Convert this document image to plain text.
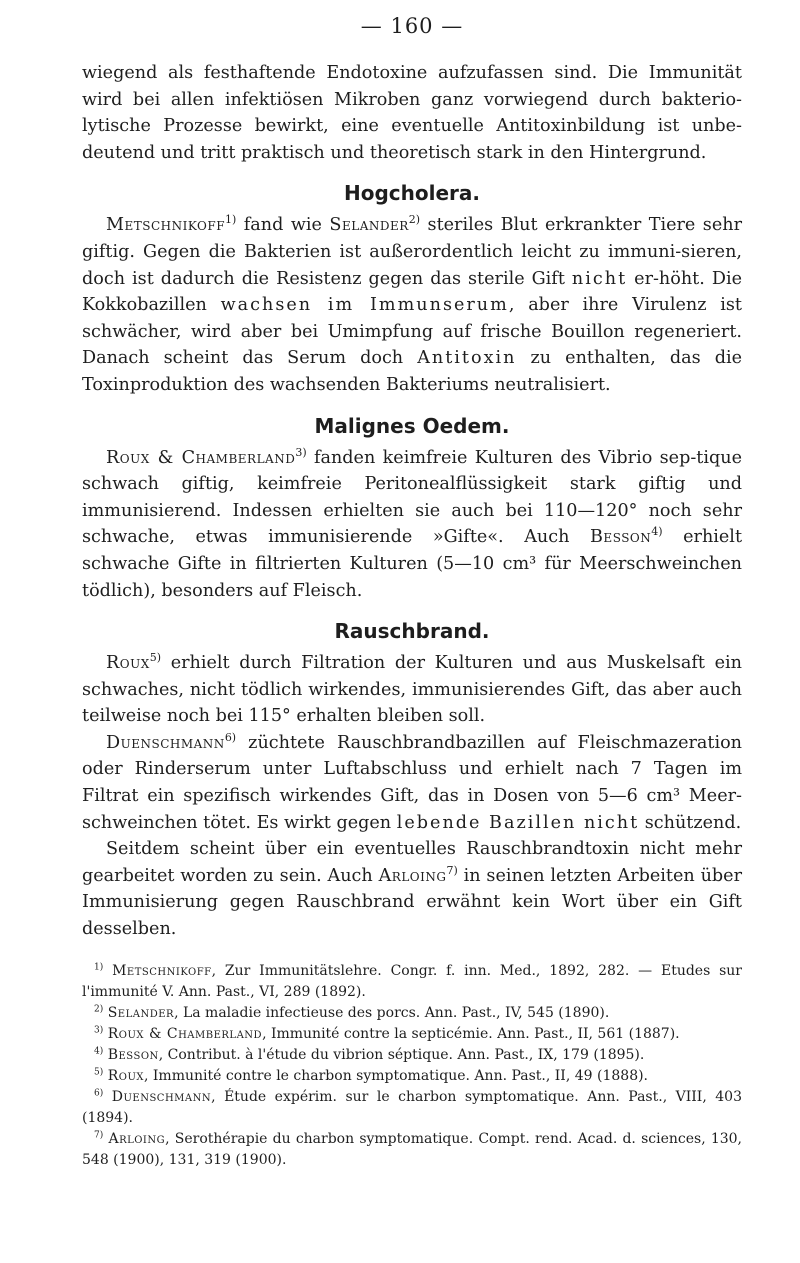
— 160 —

wiegend als festhaftende Endotoxine aufzufassen sind. Die Immunität wird bei allen infektiösen Mikroben ganz vorwiegend durch bakterio-lytische Prozesse bewirkt, eine eventuelle Antitoxinbildung ist unbe-deutend und tritt praktisch und theoretisch stark in den Hintergrund.

Hogcholera.

Metschnikoff$^{1)}$ fand wie Selander$^{2)}$ steriles Blut erkrankter Tiere sehr giftig. Gegen die Bakterien ist außerordentlich leicht zu immuni-sieren, doch ist dadurch die Resistenz gegen das sterile Gift nicht er-höht. Die Kokkobazillen wachsen im Immunserum, aber ihre Virulenz ist schwächer, wird aber bei Umimpfung auf frische Bouillon regeneriert. Danach scheint das Serum doch Antitoxin zu enthalten, das die Toxinproduktion des wachsenden Bakteriums neutralisiert.

Malignes Oedem.

Roux & Chamberland$^{3)}$ fanden keimfreie Kulturen des Vibrio sep-tique schwach giftig, keimfreie Peritonealflüssigkeit stark giftig und immunisierend. Indessen erhielten sie auch bei 110—120° noch sehr schwache, etwas immunisierende »Gifte«. Auch Besson$^{4)}$ erhielt schwache Gifte in filtrierten Kulturen (5—10 cm³ für Meerschweinchen tödlich), besonders auf Fleisch.

Rauschbrand.

Roux$^{5)}$ erhielt durch Filtration der Kulturen und aus Muskelsaft ein schwaches, nicht tödlich wirkendes, immunisierendes Gift, das aber auch teilweise noch bei 115° erhalten bleiben soll.

Duenschmann$^{6)}$ züchtete Rauschbrandbazillen auf Fleischmazeration oder Rinderserum unter Luftabschluss und erhielt nach 7 Tagen im Filtrat ein spezifisch wirkendes Gift, das in Dosen von 5—6 cm³ Meer-schweinchen tötet. Es wirkt gegen lebende Bazillen nicht schützend.

Seitdem scheint über ein eventuelles Rauschbrandtoxin nicht mehr gearbeitet worden zu sein. Auch Arloing$^{7)}$ in seinen letzten Arbeiten über Immunisierung gegen Rauschbrand erwähnt kein Wort über ein Gift desselben.

$^{1)}$ Metschnikoff, Zur Immunitätslehre. Congr. f. inn. Med., 1892, 282. — Etudes sur l'immunité V. Ann. Past., VI, 289 (1892).

$^{2)}$ Selander, La maladie infectieuse des porcs. Ann. Past., IV, 545 (1890).

$^{3)}$ Roux & Chamberland, Immunité contre la septicémie. Ann. Past., II, 561 (1887).

$^{4)}$ Besson, Contribut. à l'étude du vibrion séptique. Ann. Past., IX, 179 (1895).

$^{5)}$ Roux, Immunité contre le charbon symptomatique. Ann. Past., II, 49 (1888).

$^{6)}$ Duenschmann, Étude expérim. sur le charbon symptomatique. Ann. Past., VIII, 403 (1894).

$^{7)}$ Arloing, Serothérapie du charbon symptomatique. Compt. rend. Acad. d. sciences, 130, 548 (1900), 131, 319 (1900).
